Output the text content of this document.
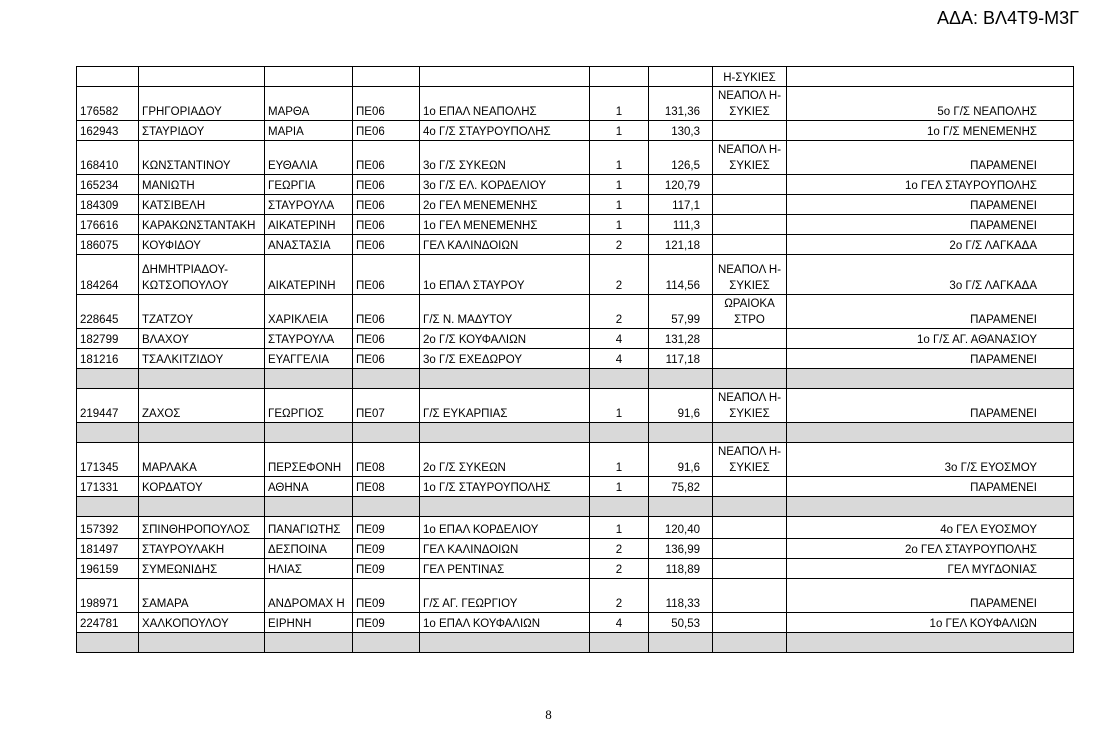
ΑΔΑ: ΒΛ4Τ9-Μ3Γ
							Η-ΣΥΚΙΕΣ	
176582	ΓΡΗΓΟΡΙΑΔΟΥ	ΜΑΡΘΑ	ΠΕ06	1ο ΕΠΑΛ ΝΕΑΠΟΛΗΣ	1	131,36	ΝΕΑΠΟΛ Η-ΣΥΚΙΕΣ	5ο Γ/Σ ΝΕΑΠΟΛΗΣ
162943	ΣΤΑΥΡΙΔΟΥ	ΜΑΡΙΑ	ΠΕ06	4ο Γ/Σ ΣΤΑΥΡΟΥΠΟΛΗΣ	1	130,3		1ο Γ/Σ ΜΕΝΕΜΕΝΗΣ
168410	ΚΩΝΣΤΑΝΤΙΝΟΥ	ΕΥΘΑΛΙΑ	ΠΕ06	3ο Γ/Σ ΣΥΚΕΩΝ	1	126,5	ΝΕΑΠΟΛ Η-ΣΥΚΙΕΣ	ΠΑΡΑΜΕΝΕΙ
165234	ΜΑΝΙΩΤΗ	ΓΕΩΡΓΙΑ	ΠΕ06	3ο Γ/Σ ΕΛ. ΚΟΡΔΕΛΙΟΥ	1	120,79		1ο ΓΕΛ ΣΤΑΥΡΟΥΠΟΛΗΣ
184309	ΚΑΤΣΙΒΕΛΗ	ΣΤΑΥΡΟΥΛΑ	ΠΕ06	2ο ΓΕΛ ΜΕΝΕΜΕΝΗΣ	1	117,1		ΠΑΡΑΜΕΝΕΙ
176616	ΚΑΡΑΚΩΝΣΤΑΝΤΑΚΗ	ΑΙΚΑΤΕΡΙΝΗ	ΠΕ06	1ο ΓΕΛ ΜΕΝΕΜΕΝΗΣ	1	111,3		ΠΑΡΑΜΕΝΕΙ
186075	ΚΟΥΦΙΔΟΥ	ΑΝΑΣΤΑΣΙΑ	ΠΕ06	ΓΕΛ ΚΑΛΙΝΔΟΙΩΝ	2	121,18		2ο Γ/Σ ΛΑΓΚΑΔΑ
184264	ΔΗΜΗΤΡΙΑΔΟΥ- ΚΩΤΣΟΠΟΥΛΟΥ	ΑΙΚΑΤΕΡΙΝΗ	ΠΕ06	1ο ΕΠΑΛ ΣΤΑΥΡΟΥ	2	114,56	ΝΕΑΠΟΛ Η-ΣΥΚΙΕΣ	3ο Γ/Σ ΛΑΓΚΑΔΑ
228645	ΤΖΑΤΖΟΥ	ΧΑΡΙΚΛΕΙΑ	ΠΕ06	Γ/Σ Ν. ΜΑΔΥΤΟΥ	2	57,99	ΩΡΑΙΟΚΑ ΣΤΡΟ	ΠΑΡΑΜΕΝΕΙ
182799	ΒΛΑΧΟΥ	ΣΤΑΥΡΟΥΛΑ	ΠΕ06	2ο Γ/Σ ΚΟΥΦΑΛΙΩΝ	4	131,28		1ο Γ/Σ ΑΓ. ΑΘΑΝΑΣΙΟΥ
181216	ΤΣΑΛΚΙΤΖΙΔΟΥ	ΕΥΑΓΓΕΛΙΑ	ΠΕ06	3ο Γ/Σ ΕΧΕΔΩΡΟΥ	4	117,18		ΠΑΡΑΜΕΝΕΙ

219447	ΖΑΧΟΣ	ΓΕΩΡΓΙΟΣ	ΠΕ07	Γ/Σ ΕΥΚΑΡΠΙΑΣ	1	91,6	ΝΕΑΠΟΛ Η-ΣΥΚΙΕΣ	ΠΑΡΑΜΕΝΕΙ

171345	ΜΑΡΛΑΚΑ	ΠΕΡΣΕΦΟΝΗ	ΠΕ08	2ο Γ/Σ ΣΥΚΕΩΝ	1	91,6	ΝΕΑΠΟΛ Η-ΣΥΚΙΕΣ	3ο Γ/Σ ΕΥΟΣΜΟΥ
171331	ΚΟΡΔΑΤΟΥ	ΑΘΗΝΑ	ΠΕ08	1ο Γ/Σ ΣΤΑΥΡΟΥΠΟΛΗΣ	1	75,82		ΠΑΡΑΜΕΝΕΙ

157392	ΣΠΙΝΘΗΡΟΠΟΥΛΟΣ	ΠΑΝΑΓΙΩΤΗΣ	ΠΕ09	1ο ΕΠΑΛ ΚΟΡΔΕΛΙΟΥ	1	120,40		4ο ΓΕΛ ΕΥΟΣΜΟΥ
181497	ΣΤΑΥΡΟΥΛΑΚΗ	ΔΕΣΠΟΙΝΑ	ΠΕ09	ΓΕΛ ΚΑΛΙΝΔΟΙΩΝ	2	136,99		2ο ΓΕΛ ΣΤΑΥΡΟΥΠΟΛΗΣ
196159	ΣΥΜΕΩΝΙΔΗΣ	ΗΛΙΑΣ	ΠΕ09	ΓΕΛ ΡΕΝΤΙΝΑΣ	2	118,89		ΓΕΛ ΜΥΓΔΟΝΙΑΣ
198971	ΣΑΜΑΡΑ	ΑΝΔΡΟΜΑΧ Η	ΠΕ09	Γ/Σ ΑΓ. ΓΕΩΡΓΙΟΥ	2	118,33		ΠΑΡΑΜΕΝΕΙ
224781	ΧΑΛΚΟΠΟΥΛΟΥ	ΕΙΡΗΝΗ	ΠΕ09	1ο ΕΠΑΛ ΚΟΥΦΑΛΙΩΝ	4	50,53		1ο ΓΕΛ ΚΟΥΦΑΛΙΩΝ

8
